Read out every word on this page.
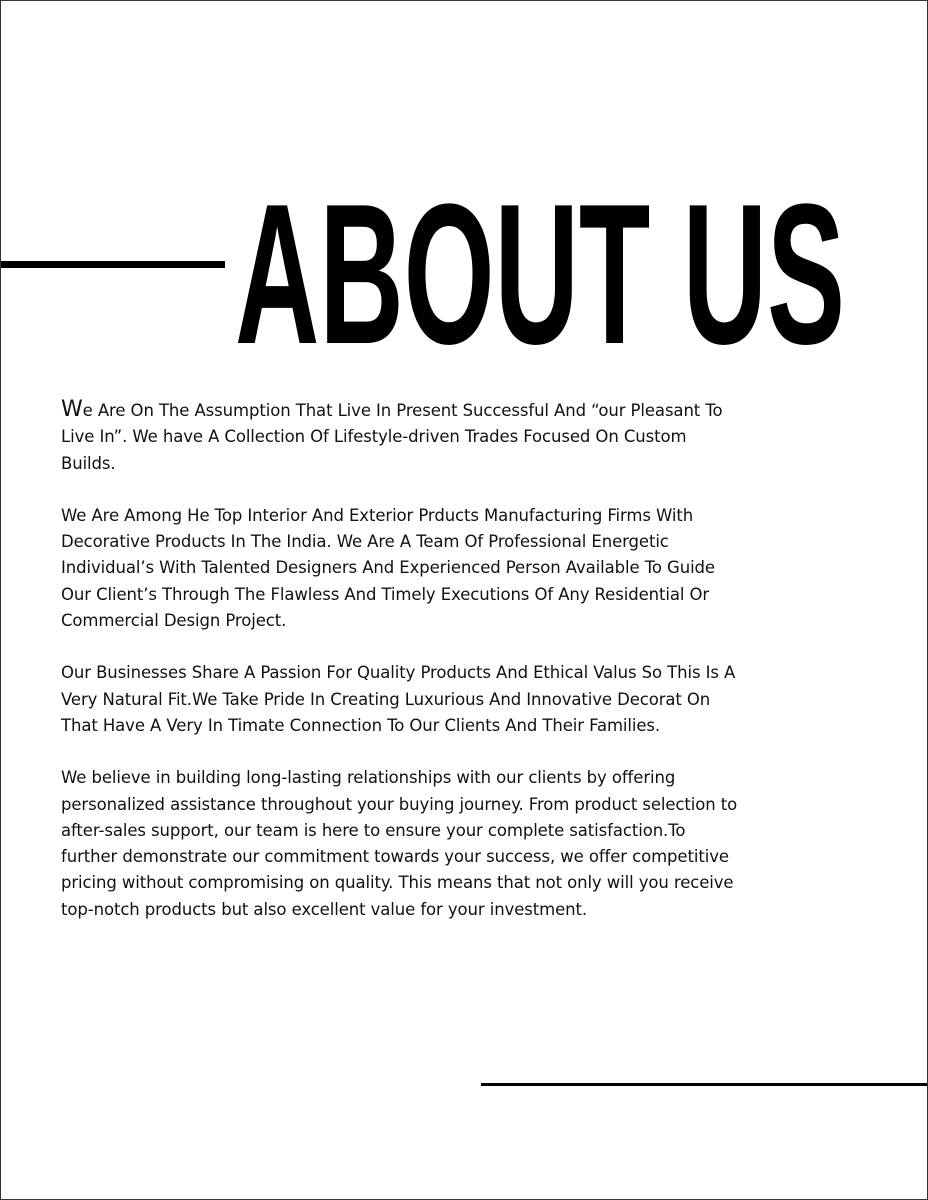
ABOUT US

We Are On The Assumption That Live In Present Successful And “our Pleasant To Live In”. We have A Collection Of Lifestyle-driven Trades Focused On Custom Builds.

We Are Among He Top Interior And Exterior Prducts Manufacturing Firms With Decorative Products In The India. We Are A Team Of Professional Energetic Individual’s With Talented Designers And Experienced Person Available To Guide Our Client’s Through The Flawless And Timely Executions Of Any Residential Or Commercial Design Project.

Our Businesses Share A Passion For Quality Products And Ethical Valus So This Is A Very Natural Fit.We Take Pride In Creating Luxurious And Innovative Decorat On That Have A Very In Timate Connection To Our Clients And Their Families.

We believe in building long-lasting relationships with our clients by offering personalized assistance throughout your buying journey. From product selection to after-sales support, our team is here to ensure your complete satisfaction.To further demonstrate our commitment towards your success, we offer competitive pricing without compromising on quality. This means that not only will you receive top-notch products but also excellent value for your investment.
